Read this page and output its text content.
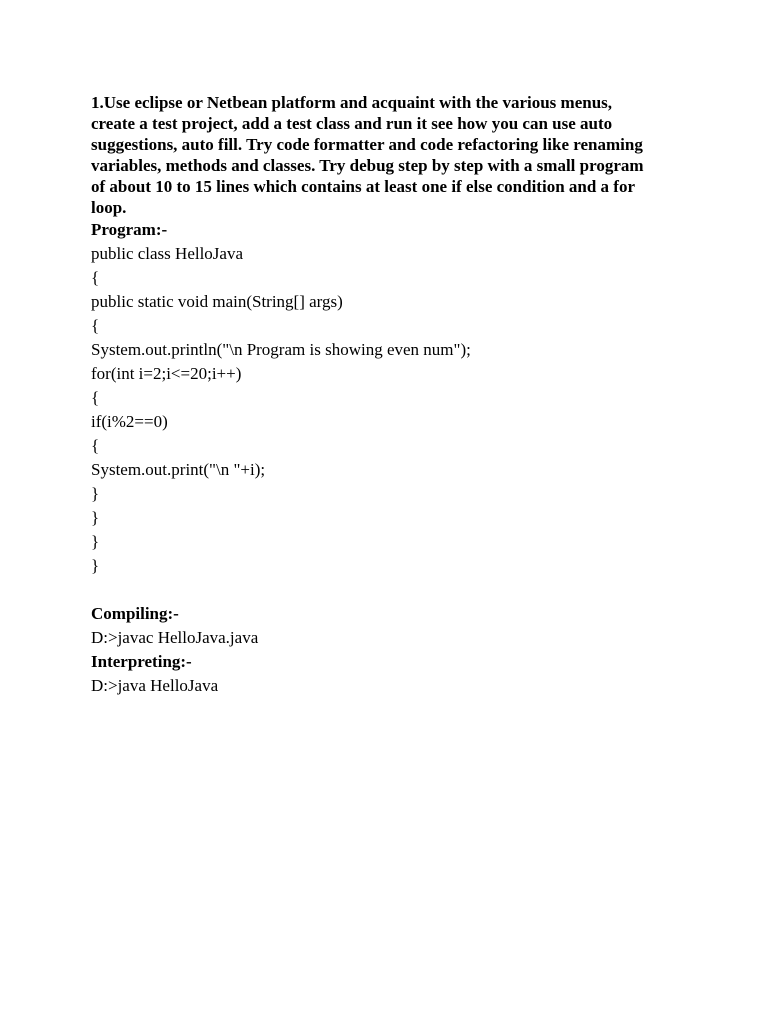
1.Use eclipse or Netbean platform and acquaint with the various menus,

create a test project, add a test class and run it see how you can use auto

suggestions, auto fill. Try code formatter and code refactoring like renaming

variables, methods and classes. Try debug step by step with a small program

of about 10 to 15 lines which contains at least one if else condition and a for

loop.

Program:-

public class HelloJava

{

public static void main(String[] args)

{

System.out.println("\n Program is showing even num");

for(int i=2;i<=20;i++)

{

if(i%2==0)

{

System.out.print("\n "+i);

}

}

}

}

Compiling:-

D:>javac HelloJava.java

Interpreting:-

D:>java HelloJava
